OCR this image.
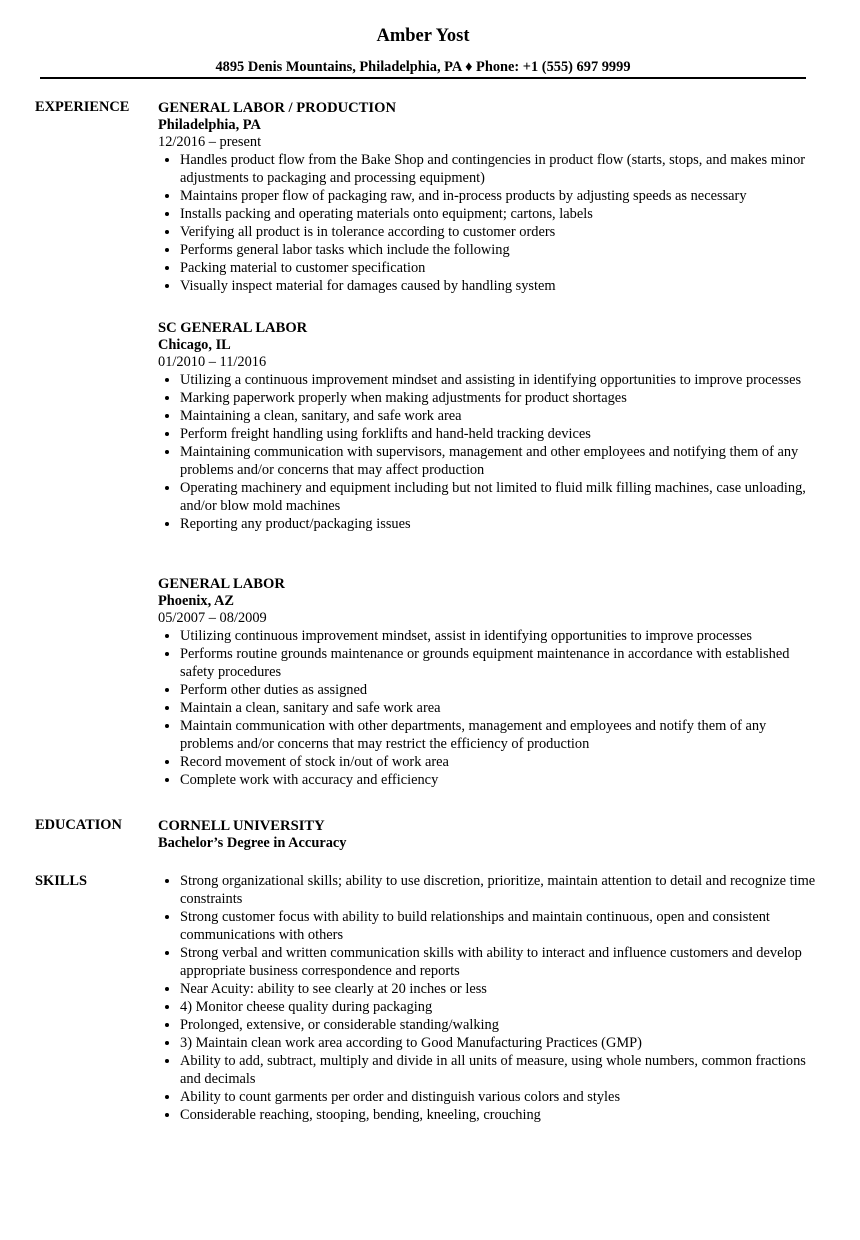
Amber Yost
4895 Denis Mountains, Philadelphia, PA ♦ Phone: +1 (555) 697 9999
EXPERIENCE	GENERAL LABOR / PRODUCTION
Philadelphia, PA
12/2016 – present
• Handles product flow from the Bake Shop and contingencies in product flow (starts, stops, and makes minor adjustments to packaging and processing equipment)
• Maintains proper flow of packaging raw, and in-process products by adjusting speeds as necessary
• Installs packing and operating materials onto equipment; cartons, labels
• Verifying all product is in tolerance according to customer orders
• Performs general labor tasks which include the following
• Packing material to customer specification
• Visually inspect material for damages caused by handling system
SC GENERAL LABOR
Chicago, IL
01/2010 – 11/2016
• Utilizing a continuous improvement mindset and assisting in identifying opportunities to improve processes
• Marking paperwork properly when making adjustments for product shortages
• Maintaining a clean, sanitary, and safe work area
• Perform freight handling using forklifts and hand-held tracking devices
• Maintaining communication with supervisors, management and other employees and notifying them of any problems and/or concerns that may affect production
• Operating machinery and equipment including but not limited to fluid milk filling machines, case unloading, and/or blow mold machines
• Reporting any product/packaging issues
GENERAL LABOR
Phoenix, AZ
05/2007 – 08/2009
• Utilizing continuous improvement mindset, assist in identifying opportunities to improve processes
• Performs routine grounds maintenance or grounds equipment maintenance in accordance with established safety procedures
• Perform other duties as assigned
• Maintain a clean, sanitary and safe work area
• Maintain communication with other departments, management and employees and notify them of any problems and/or concerns that may restrict the efficiency of production
• Record movement of stock in/out of work area
• Complete work with accuracy and efficiency
EDUCATION	CORNELL UNIVERSITY
Bachelor’s Degree in Accuracy
SKILLS
•	Strong organizational skills; ability to use discretion, prioritize, maintain attention to detail and recognize time constraints
• Strong customer focus with ability to build relationships and maintain continuous, open and consistent communications with others
• Strong verbal and written communication skills with ability to interact and influence customers and develop appropriate business correspondence and reports
• Near Acuity: ability to see clearly at 20 inches or less
• 4) Monitor cheese quality during packaging
• Prolonged, extensive, or considerable standing/walking
• 3) Maintain clean work area according to Good Manufacturing Practices (GMP)
• Ability to add, subtract, multiply and divide in all units of measure, using whole numbers, common fractions and decimals
• Ability to count garments per order and distinguish various colors and styles
• Considerable reaching, stooping, bending, kneeling, crouching
